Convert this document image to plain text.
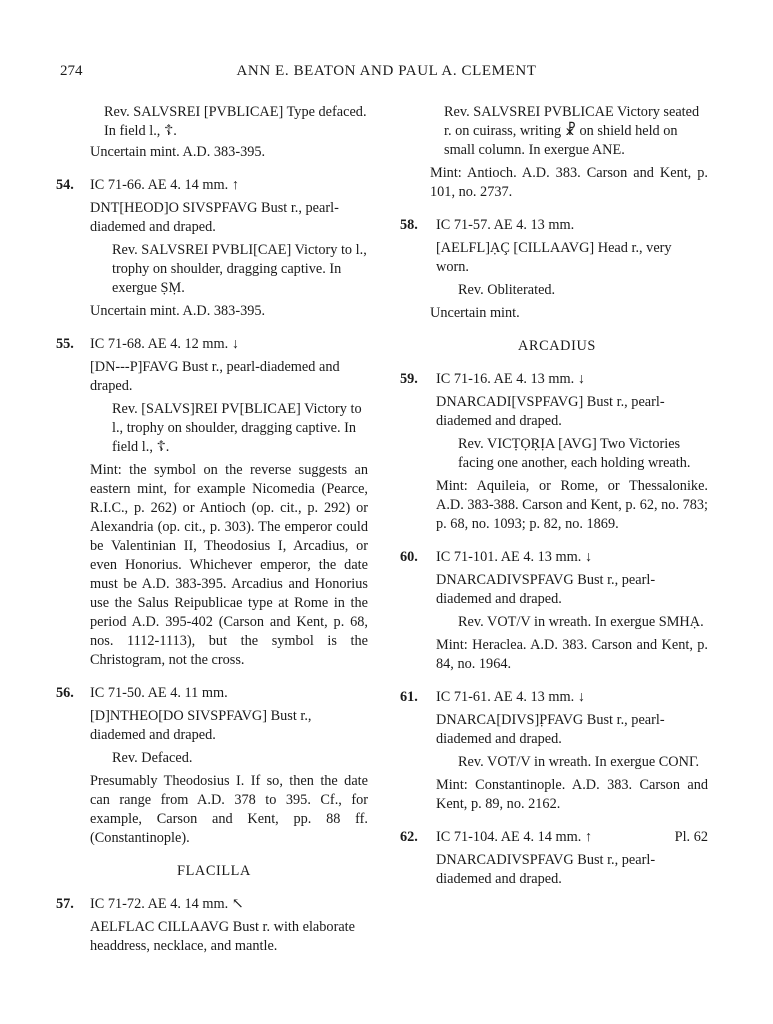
274	ANN E. BEATON AND PAUL A. CLEMENT
Rev. SALVSREI [PVBLICAE] Type defaced. In field l., ☦.
Uncertain mint. A.D. 383-395.
54.	IC 71-66. AE 4. 14 mm. ↑
DNT[HEOD]O SIVSPFAVG Bust r., pearl-diademed and draped.
Rev. SALVSREI PVBLI[CAE] Victory to l., trophy on shoulder, dragging captive. In exergue ṢṂ.
Uncertain mint. A.D. 383-395.
55.	IC 71-68. AE 4. 12 mm. ↓
[DN---P]FAVG Bust r., pearl-diademed and draped.
Rev. [SALVS]REI PV[BLICAE] Victory to l., trophy on shoulder, dragging captive. In field l., ☦.
Mint: the symbol on the reverse suggests an eastern mint, for example Nicomedia (Pearce, R.I.C., p. 262) or Antioch (op. cit., p. 292) or Alexandria (op. cit., p. 303). The emperor could be Valentinian II, Theodosius I, Arcadius, or even Honorius. Whichever emperor, the date must be A.D. 383-395. Arcadius and Honorius use the Salus Reipublicae type at Rome in the period A.D. 395-402 (Carson and Kent, p. 68, nos. 1112-1113), but the symbol is the Christogram, not the cross.
56.	IC 71-50. AE 4. 11 mm.
[D]NTHEO[DO SIVSPFAVG] Bust r., diademed and draped.
Rev. Defaced.
Presumably Theodosius I. If so, then the date can range from A.D. 378 to 395. Cf., for example, Carson and Kent, pp. 88 ff. (Constantinople).
FLACILLA
57.	IC 71-72. AE 4. 14 mm. ↖
AELFLAC CILLAAVG Bust r. with elaborate headdress, necklace, and mantle.
Rev. SALVSREI PVBLICAE Victory seated r. on cuirass, writing ☧ on shield held on small column. In exergue ANE.
Mint: Antioch. A.D. 383. Carson and Kent, p. 101, no. 2737.
58.	IC 71-57. AE 4. 13 mm.
[AELFL]ẠÇ [CILLAAVG] Head r., very worn.
Rev. Obliterated.
Uncertain mint.
ARCADIUS
59.	IC 71-16. AE 4. 13 mm. ↓
DNARCADI[VSPFAVG] Bust r., pearl-diademed and draped.
Rev. VICṬỌṚỊA [AVG] Two Victories facing one another, each holding wreath.
Mint: Aquileia, or Rome, or Thessalonike. A.D. 383-388. Carson and Kent, p. 62, no. 783; p. 68, no. 1093; p. 82, no. 1869.
60.	IC 71-101. AE 4. 13 mm. ↓
DNARCADIVSPFAVG Bust r., pearl-diademed and draped.
Rev. VOT/V in wreath. In exergue SMHẠ.
Mint: Heraclea. A.D. 383. Carson and Kent, p. 84, no. 1964.
61.	IC 71-61. AE 4. 13 mm. ↓
DNARCA[DIVS]P̣FAVG Bust r., pearl-diademed and draped.
Rev. VOT/V in wreath. In exergue CONΓ.
Mint: Constantinople. A.D. 383. Carson and Kent, p. 89, no. 2162.
62.	IC 71-104. AE 4. 14 mm. ↑	Pl. 62
DNARCADIVSPFAVG Bust r., pearl-diademed and draped.
